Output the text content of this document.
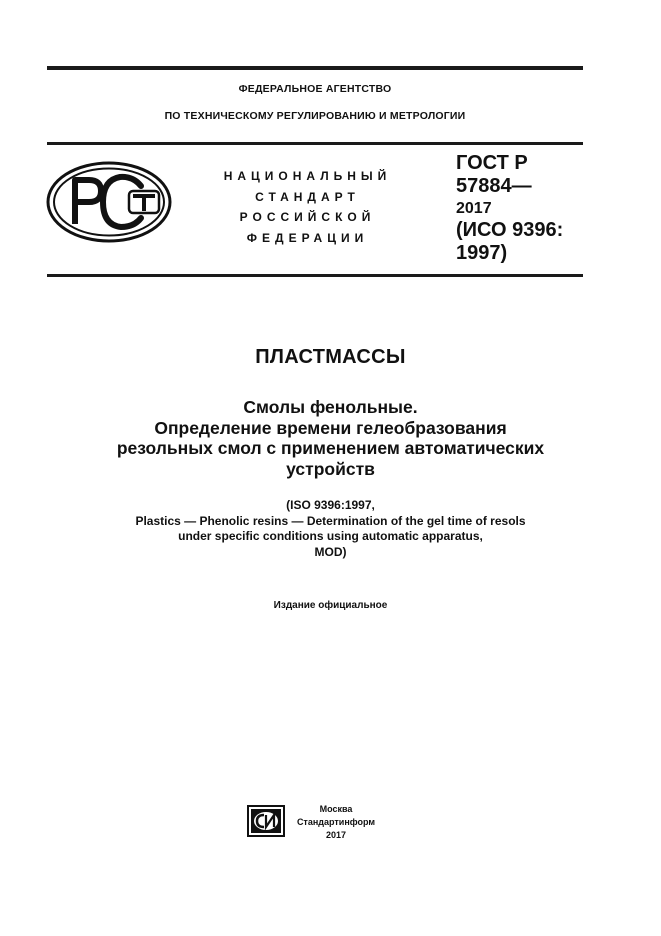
ФЕДЕРАЛЬНОЕ АГЕНТСТВО
ПО ТЕХНИЧЕСКОМУ РЕГУЛИРОВАНИЮ И МЕТРОЛОГИИ
НАЦИОНАЛЬНЫЙ
СТАНДАРТ
РОССИЙСКОЙ
ФЕДЕРАЦИИ
ГОСТ Р
57884—
2017
(ИСО 9396:
1997)
ПЛАСТМАССЫ
Смолы фенольные.
Определение времени гелеобразования
резольных смол с применением автоматических
устройств
(ISO 9396:1997,
Plastics — Phenolic resins — Determination of the gel time of resols
under specific conditions using automatic apparatus,
MOD)
Издание официальное
Москва
Стандартинформ
2017
